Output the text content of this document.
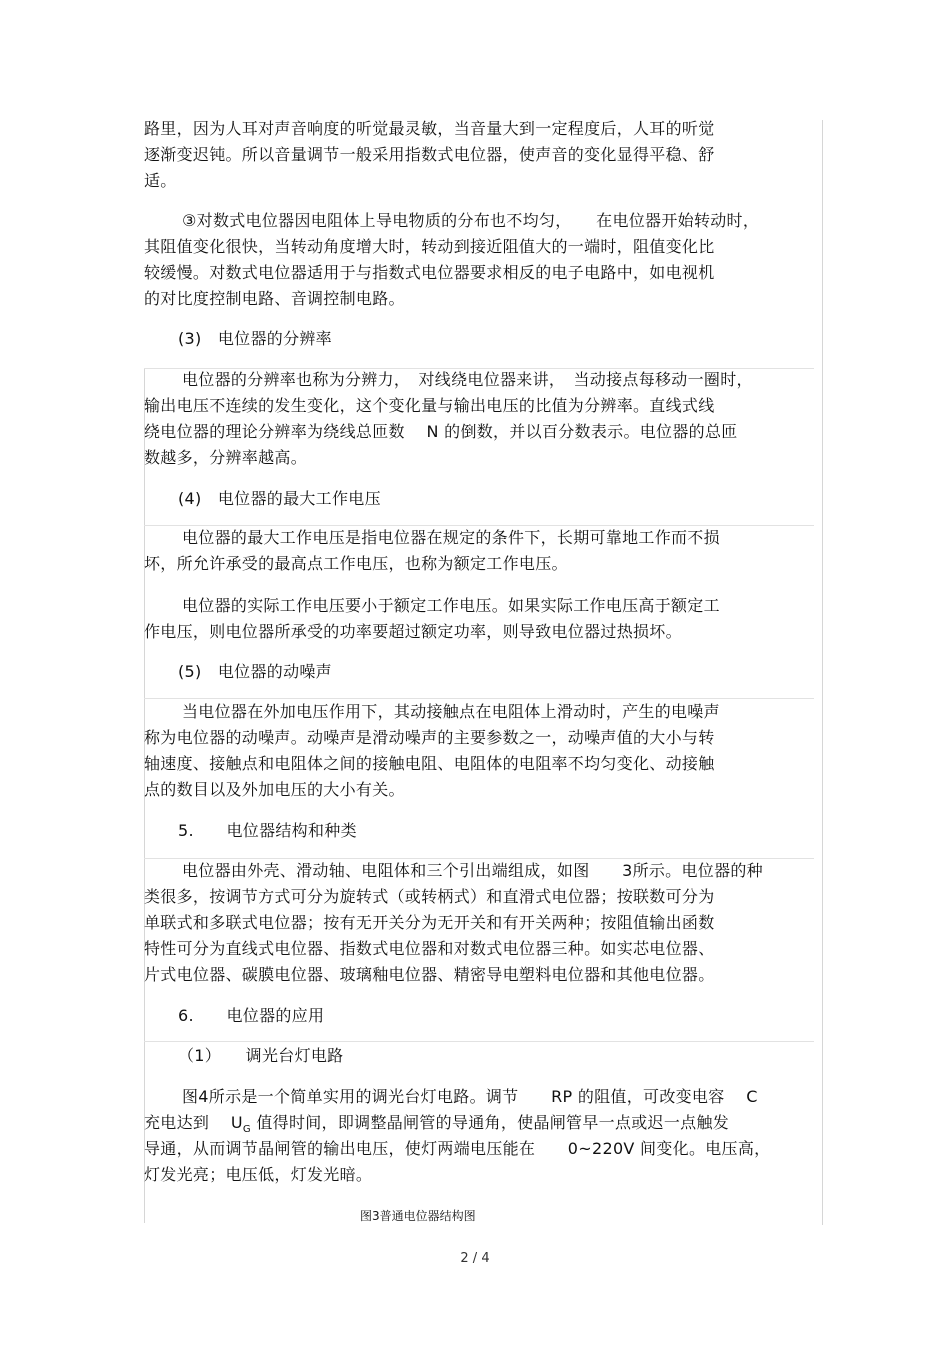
路里，因为人耳对声音响度的听觉最灵敏，当音量大到一定程度后，人耳的听觉
逐渐变迟钝。所以音量调节一般采用指数式电位器，使声音的变化显得平稳、舒
适。
③对数式电位器因电阻体上导电物质的分布也不均匀，　　在电位器开始转动时，
其阻值变化很快，当转动角度增大时，转动到接近阻值大的一端时，阻值变化比
较缓慢。对数式电位器适用于与指数式电位器要求相反的电子电路中，如电视机
的对比度控制电路、音调控制电路。
(3)　电位器的分辨率
电位器的分辨率也称为分辨力，　对线绕电位器来讲，　当动接点每移动一圈时，
输出电压不连续的发生变化，这个变化量与输出电压的比值为分辨率。直线式线
绕电位器的理论分辨率为绕线总匝数　 N 的倒数，并以百分数表示。电位器的总匝
数越多，分辨率越高。
(4)　电位器的最大工作电压
电位器的最大工作电压是指电位器在规定的条件下，长期可靠地工作而不损
坏，所允许承受的最高点工作电压，也称为额定工作电压。
电位器的实际工作电压要小于额定工作电压。如果实际工作电压高于额定工
作电压，则电位器所承受的功率要超过额定功率，则导致电位器过热损坏。
(5)　电位器的动噪声
当电位器在外加电压作用下，其动接触点在电阻体上滑动时，产生的电噪声
称为电位器的动噪声。动噪声是滑动噪声的主要参数之一，动噪声值的大小与转
轴速度、接触点和电阻体之间的接触电阻、电阻体的电阻率不均匀变化、动接触
点的数目以及外加电压的大小有关。
5.　　电位器结构和种类
电位器由外壳、滑动轴、电阻体和三个引出端组成，如图　　3所示。电位器的种
类很多，按调节方式可分为旋转式（或转柄式）和直滑式电位器；按联数可分为
单联式和多联式电位器；按有无开关分为无开关和有开关两种；按阻值输出函数
特性可分为直线式电位器、指数式电位器和对数式电位器三种。如实芯电位器、
片式电位器、碳膜电位器、玻璃釉电位器、精密导电塑料电位器和其他电位器。
6.　　电位器的应用
（1）　　调光台灯电路
图4所示是一个简单实用的调光台灯电路。调节　　RP 的阻值，可改变电容　 C
充电达到　 $U_G$ 值得时间，即调整晶闸管的导通角，使晶闸管早一点或迟一点触发
导通，从而调节晶闸管的输出电压，使灯两端电压能在　　0~220V 间变化。电压高，
灯发光亮；电压低，灯发光暗。
图3普通电位器结构图
2 / 4
